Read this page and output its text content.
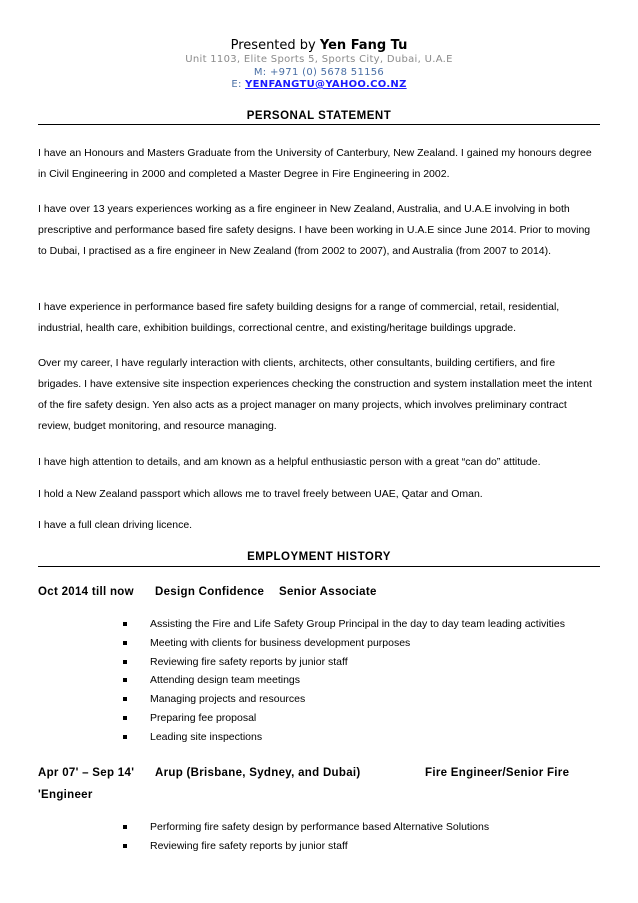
Presented by Yen Fang Tu
Unit 1103, Elite Sports 5, Sports City, Dubai, U.A.E
M: +971 (0) 5678 51156
E: YENFANGTU@YAHOO.CO.NZ
PERSONAL STATEMENT

I have an Honours and Masters Graduate from the University of Canterbury, New Zealand. I gained my honours degree in Civil Engineering in 2000 and completed a Master Degree in Fire Engineering in 2002.

I have over 13 years experiences working as a fire engineer in New Zealand, Australia, and U.A.E involving in both prescriptive and performance based fire safety designs. I have been working in U.A.E since June 2014. Prior to moving to Dubai, I practised as a fire engineer in New Zealand (from 2002 to 2007), and Australia (from 2007 to 2014).

I have experience in performance based fire safety building designs for a range of commercial, retail, residential, industrial, health care, exhibition buildings, correctional centre, and existing/heritage buildings upgrade.

Over my career, I have regularly interaction with clients, architects, other consultants, building certifiers, and fire brigades. I have extensive site inspection experiences checking the construction and system installation meet the intent of the fire safety design. Yen also acts as a project manager on many projects, which involves preliminary contract review, budget monitoring, and resource managing.

I have high attention to details, and am known as a helpful enthusiastic person with a great “can do” attitude.

I hold a New Zealand passport which allows me to travel freely between UAE, Qatar and Oman.

I have a full clean driving licence.

EMPLOYMENT HISTORY
Oct 2014 till now Design Confidence Senior Associate
Assisting the Fire and Life Safety Group Principal in the day to day team leading activities
Meeting with clients for business development purposes
Reviewing fire safety reports by junior staff
Attending design team meetings
Managing projects and resources
Preparing fee proposal
Leading site inspections
Apr 07' – Sep 14' Arup (Brisbane, Sydney, and Dubai)	Fire Engineer/Senior Fire
'Engineer
Performing fire safety design by performance based Alternative Solutions
Reviewing fire safety reports by junior staff
